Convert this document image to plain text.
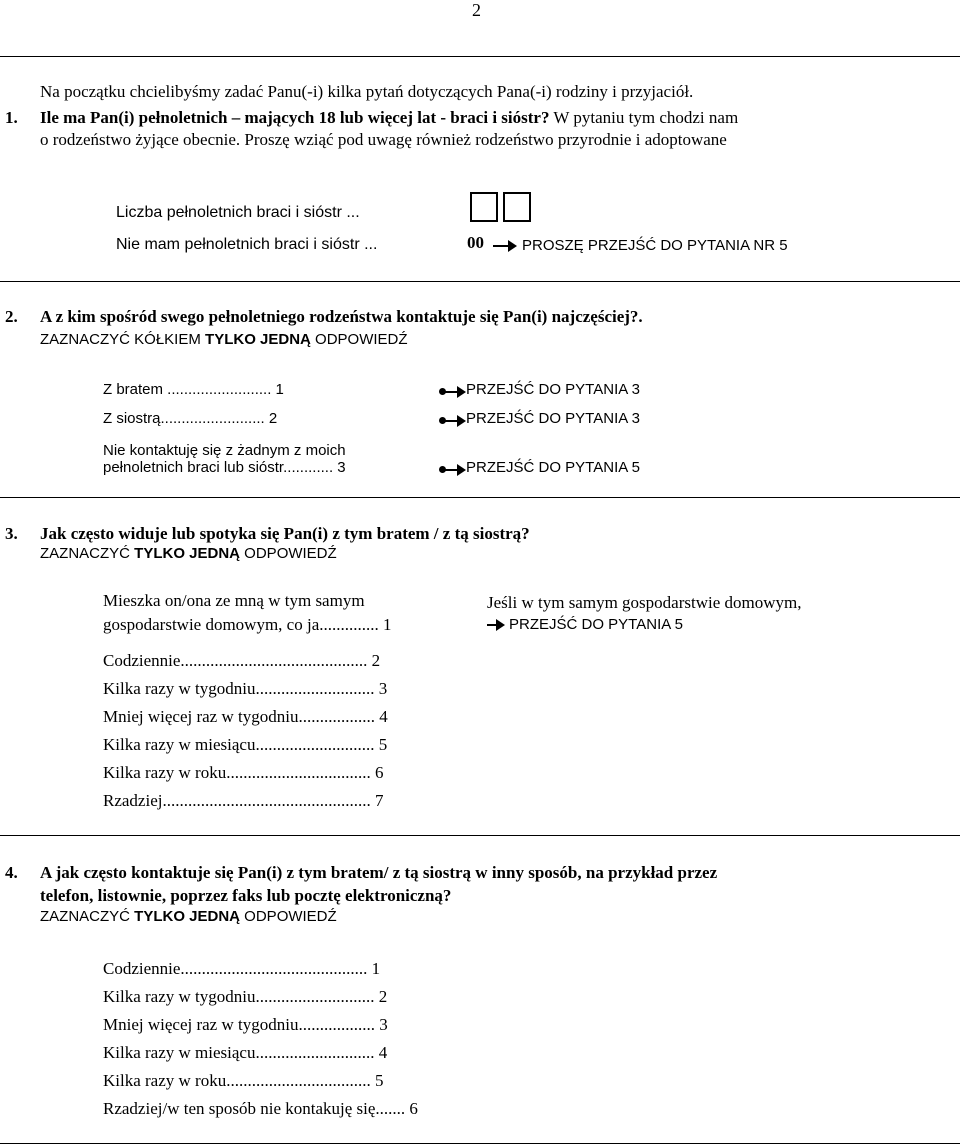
2
Na początku chcielibyśmy zadać Panu(-i) kilka pytań dotyczących Pana(-i) rodziny i przyjaciół.
1. Ile ma Pan(i) pełnoletnich – mających 18 lub więcej lat - braci i sióstr? W pytaniu tym chodzi nam
o rodzeństwo żyjące obecnie. Proszę wziąć pod uwagę również rodzeństwo przyrodnie i adoptowane
Liczba pełnoletnich braci i sióstr ...
Nie mam pełnoletnich braci i sióstr ...	00	PROSZĘ PRZEJŚĆ DO PYTANIA NR 5
2. A z kim spośród swego pełnoletniego rodzeństwa kontaktuje się Pan(i) najczęściej?.
ZAZNACZYĆ KÓŁKIEM TYLKO JEDNĄ ODPOWIEDŹ
Z bratem ......................... 1	PRZEJŚĆ DO PYTANIA 3
Z siostrą......................... 2	PRZEJŚĆ DO PYTANIA 3
Nie kontaktuję się z żadnym z moich
pełnoletnich braci lub sióstr............ 3	PRZEJŚĆ DO PYTANIA 5
3. Jak często widuje lub spotyka się Pan(i) z tym bratem / z tą siostrą?
ZAZNACZYĆ TYLKO JEDNĄ ODPOWIEDŹ
Mieszka on/ona ze mną w tym samym
gospodarstwie domowym, co ja.............. 1
Jeśli w tym samym gospodarstwie domowym,
PRZEJŚĆ DO PYTANIA 5
Codziennie............................................ 2
Kilka razy w tygodniu............................ 3
Mniej więcej raz w tygodniu.................. 4
Kilka razy w miesiącu............................ 5
Kilka razy w roku.................................. 6
Rzadziej................................................. 7
4. A jak często kontaktuje się Pan(i) z tym bratem/ z tą siostrą w inny sposób, na przykład przez
telefon, listownie, poprzez faks lub pocztę elektroniczną?
ZAZNACZYĆ TYLKO JEDNĄ ODPOWIEDŹ
Codziennie............................................ 1
Kilka razy w tygodniu............................ 2
Mniej więcej raz w tygodniu.................. 3
Kilka razy w miesiącu............................ 4
Kilka razy w roku.................................. 5
Rzadziej/w ten sposób nie kontakuję się....... 6
